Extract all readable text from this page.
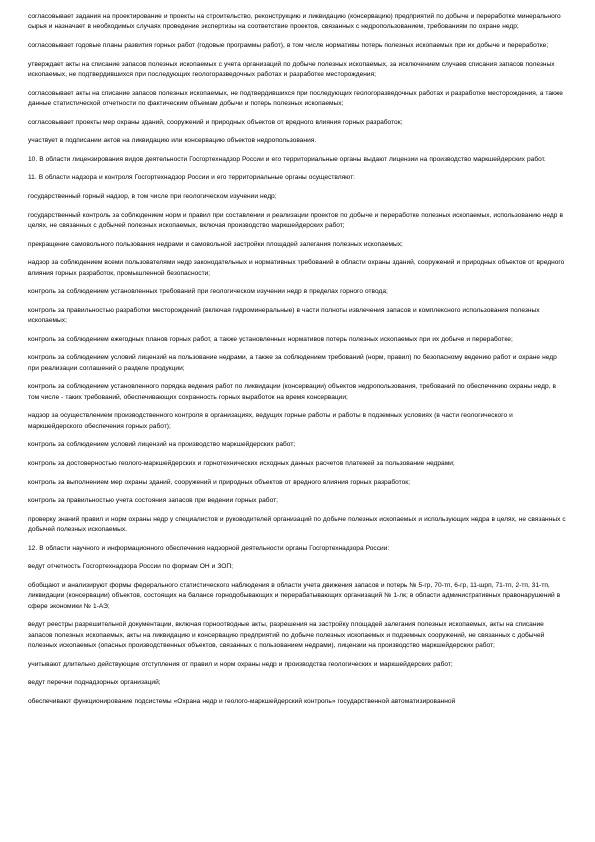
согласовывает задания на проектирование и проекты на строительство, реконструкцию и ликвидацию (консервацию) предприятий по добыче и переработке минерального сырья и назначает в необходимых случаях проведение экспертизы на соответствие проектов, связанных с недропользованием, требованиям по охране недр;

согласовывает годовые планы развития горных работ (годовые программы работ), в том числе нормативы потерь полезных ископаемых при их добыче и переработке;

утверждает акты на списание запасов полезных ископаемых с учета организаций по добыче полезных ископаемых, за исключением случаев списания запасов полезных ископаемых, не подтвердившихся при последующих геологоразведочных работах и разработке месторождения;

согласовывает акты на списание запасов полезных ископаемых, не подтвердившихся при последующих геологоразведочных работах и разработке месторождения, а также данные статистической отчетности по фактическим объемам добычи и потерь полезных ископаемых;

согласовывает проекты мер охраны зданий, сооружений и природных объектов от вредного влияния горных разработок;

участвует в подписании актов на ликвидацию или консервацию объектов недропользования.

10. В области лицензирования видов деятельности Госгортехнадзор России и его территориальные органы выдают лицензии на производство маркшейдерских работ.

11. В области надзора и контроля Госгортехнадзор России и его территориальные органы осуществляют:

государственный горный надзор, в том числе при геологическом изучении недр;

государственный контроль за соблюдением норм и правил при составлении и реализации проектов по добыче и переработке полезных ископаемых, использованию недр в целях, не связанных с добычей полезных ископаемых, включая производство маркшейдерских работ;

прекращение самовольного пользования недрами и самовольной застройки площадей залегания полезных ископаемых;

надзор за соблюдением всеми пользователями недр законодательных и нормативных требований в области охраны зданий, сооружений и природных объектов от вредного влияния горных разработок, промышленной безопасности;

контроль за соблюдением установленных требований при геологическом изучении недр в пределах горного отвода;

контроль за правильностью разработки месторождений (включая гидроминеральные) в части полноты извлечения запасов и комплексного использования полезных ископаемых;

контроль за соблюдением ежегодных планов горных работ, а также установленных нормативов потерь полезных ископаемых при их добыче и переработке;

контроль за соблюдением условий лицензий на пользование недрами, а также за соблюдением требований (норм, правил) по безопасному ведению работ и охране недр при реализации соглашений о разделе продукции;

контроль за соблюдением установленного порядка ведения работ по ликвидации (консервации) объектов недропользования, требований по обеспечению охраны недр, в том числе - таких требований, обеспечивающих сохранность горных выработок на время консервации;

надзор за осуществлением производственного контроля в организациях, ведущих горные работы и работы в подземных условиях (в части геологического и маркшейдерского обеспечения горных работ);

контроль за соблюдением условий лицензий на производство маркшейдерских работ;

контроль за достоверностью геолого-маркшейдерских и горнотехнических исходных данных расчетов платежей за пользование недрами;

контроль за выполнением мер охраны зданий, сооружений и природных объектов от вредного влияния горных разработок;

контроль за правильностью учета состояния запасов при ведении горных работ;

проверку знаний правил и норм охраны недр у специалистов и руководителей организаций по добыче полезных ископаемых и использующих недра в целях, не связанных с добычей полезных ископаемых.

12. В области научного и информационного обеспечения надзорной деятельности органы Госгортехнадзора России:

ведут отчетность Госгортехнадзора России по формам ОН и ЗОП;

обобщают и анализируют формы федерального статистического наблюдения в области учета движения запасов и потерь № 5-гр, 70-тп, 6-гр, 11-шрп, 71-тп, 2-тп, 31-тп, ликвидации (консервации) объектов, состоящих на балансе горнодобывающих и перерабатывающих организаций № 1-лк; в области административных правонарушений в сфере экономики № 1-АЭ;

ведут реестры разрешительной документации, включая горноотводные акты, разрешения на застройку площадей залегания полезных ископаемых, акты на списание запасов полезных ископаемых, акты на ликвидацию и консервацию предприятий по добыче полезных ископаемых и подземных сооружений, не связанных с добычей полезных ископаемых (опасных производственных объектов, связанных с пользованием недрами), лицензии на производство маркшейдерских работ;

учитывают длительно действующие отступления от правил и норм охраны недр и производства геологических и маркшейдерских работ;

ведут перечни поднадзорных организаций;

обеспечивают функционирование подсистемы «Охрана недр и геолого-маркшейдерский контроль» государственной автоматизированной
